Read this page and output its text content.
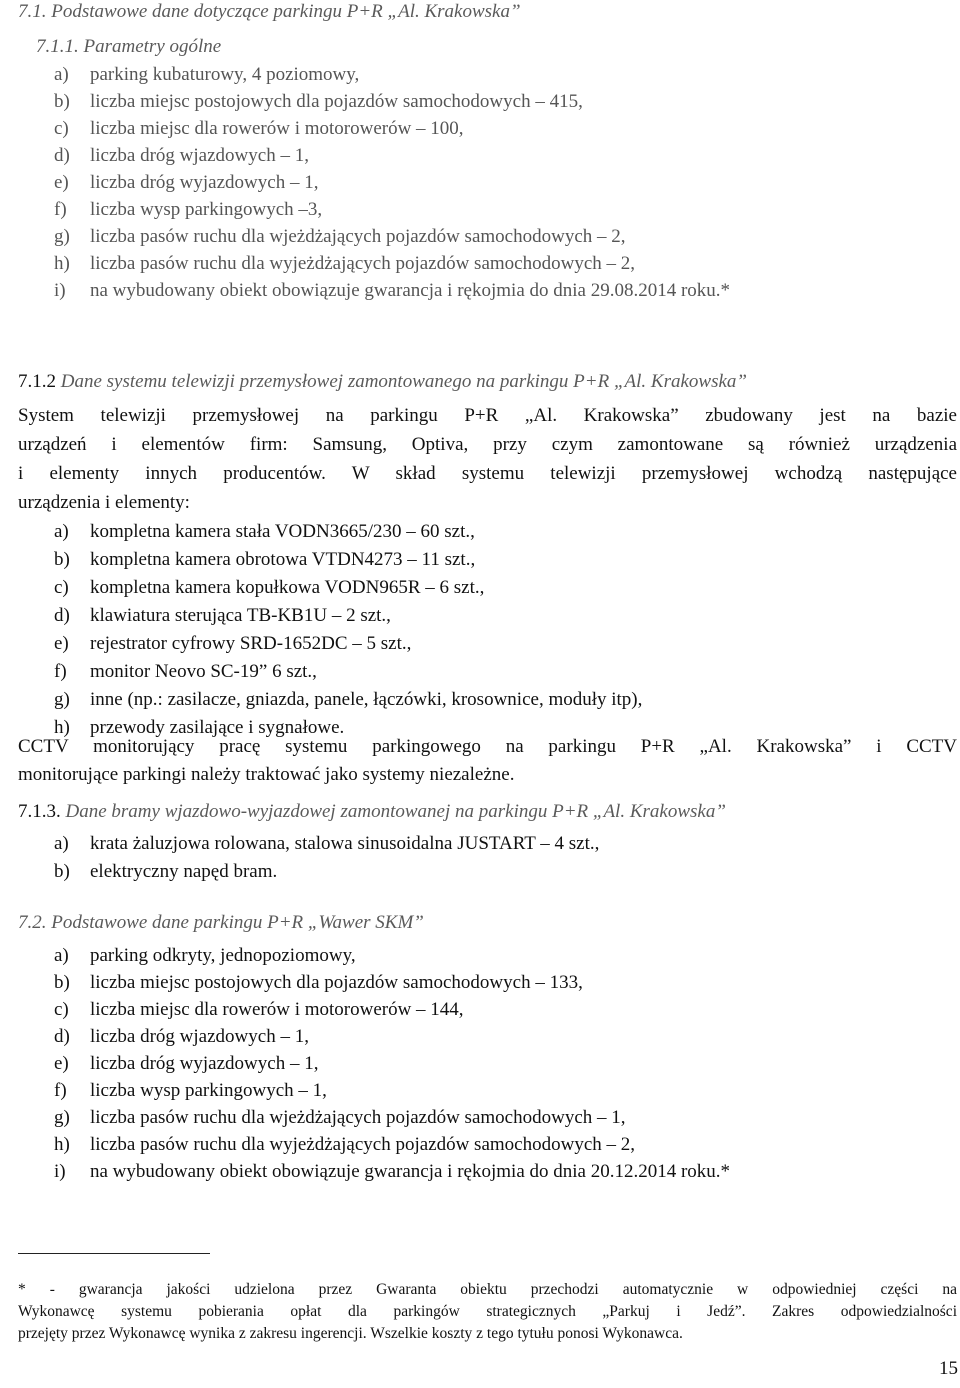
7.1. Podstawowe dane dotyczące parkingu P+R „Al. Krakowska”
7.1.1. Parametry ogólne
a) parking kubaturowy, 4 poziomowy,
b) liczba miejsc postojowych dla pojazdów samochodowych – 415,
c) liczba miejsc dla rowerów i motorowerów – 100,
d) liczba dróg wjazdowych – 1,
e) liczba dróg wyjazdowych – 1,
f) liczba wysp parkingowych –3,
g) liczba pasów ruchu dla wjeżdżających pojazdów samochodowych – 2,
h) liczba pasów ruchu dla wyjeżdżających pojazdów samochodowych – 2,
i) na wybudowany obiekt obowiązuje gwarancja i rękojmia do dnia 29.08.2014 roku.*
7.1.2 Dane systemu telewizji przemysłowej zamontowanego na parkingu P+R „Al. Krakowska”
System telewizji przemysłowej na parkingu P+R „Al. Krakowska” zbudowany jest na bazie
urządzeń i elementów firm: Samsung, Optiva, przy czym zamontowane są również urządzenia
i elementy innych producentów. W skład systemu telewizji przemysłowej wchodzą następujące
urządzenia i elementy:
a) kompletna kamera stała VODN3665/230 – 60 szt.,
b) kompletna kamera obrotowa VTDN4273 – 11 szt.,
c) kompletna kamera kopułkowa VODN965R – 6 szt.,
d) klawiatura sterująca TB-KB1U – 2 szt.,
e) rejestrator cyfrowy SRD-1652DC – 5 szt.,
f) monitor Neovo SC-19” 6 szt.,
g) inne (np.: zasilacze, gniazda, panele, łączówki, krosownice, moduły itp),
h) przewody zasilające i sygnałowe.
CCTV monitorujący pracę systemu parkingowego na parkingu P+R „Al. Krakowska” i CCTV
monitorujące parkingi należy traktować jako systemy niezależne.
7.1.3. Dane bramy wjazdowo-wyjazdowej zamontowanej na parkingu P+R „Al. Krakowska”
a) krata żaluzjowa rolowana, stalowa sinusoidalna JUSTART – 4 szt.,
b) elektryczny napęd bram.
7.2. Podstawowe dane parkingu P+R „Wawer SKM”
a) parking odkryty, jednopoziomowy,
b) liczba miejsc postojowych dla pojazdów samochodowych – 133,
c) liczba miejsc dla rowerów i motorowerów – 144,
d) liczba dróg wjazdowych – 1,
e) liczba dróg wyjazdowych – 1,
f) liczba wysp parkingowych – 1,
g) liczba pasów ruchu dla wjeżdżających pojazdów samochodowych – 1,
h) liczba pasów ruchu dla wyjeżdżających pojazdów samochodowych – 2,
i) na wybudowany obiekt obowiązuje gwarancja i rękojmia do dnia 20.12.2014 roku.*
* - gwarancja jakości udzielona przez Gwaranta obiektu przechodzi automatycznie w odpowiedniej części na
Wykonawcę systemu pobierania opłat dla parkingów strategicznych „Parkuj i Jedź”. Zakres odpowiedzialności
przejęty przez Wykonawcę wynika z zakresu ingerencji. Wszelkie koszty z tego tytułu ponosi Wykonawca.
15
